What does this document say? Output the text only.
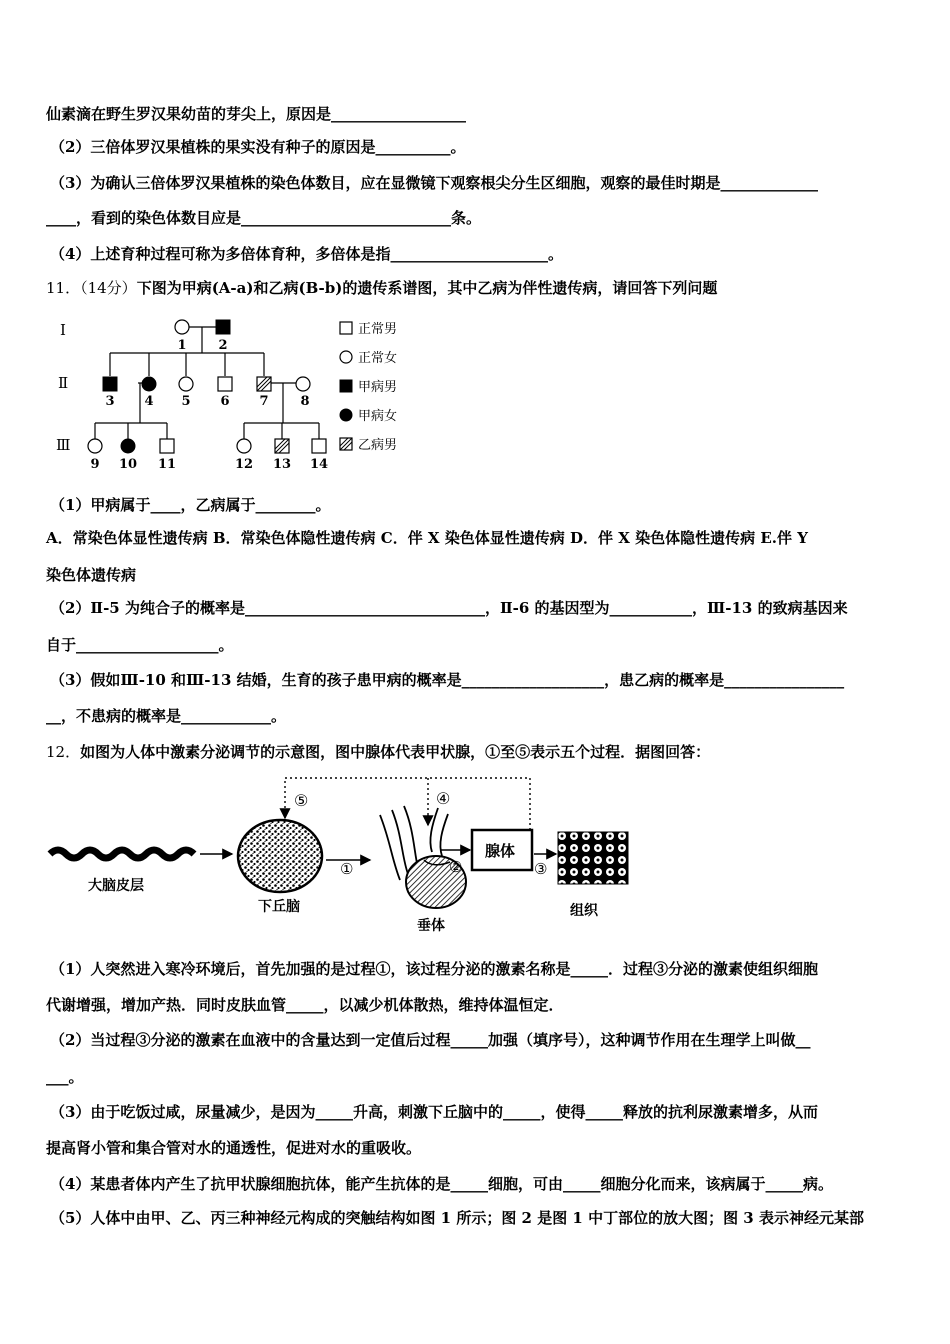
仙素滴在野生罗汉果幼苗的芽尖上，原因是__________________
（2）三倍体罗汉果植株的果实没有种子的原因是__________。
（3）为确认三倍体罗汉果植株的染色体数目，应在显微镜下观察根尖分生区细胞，观察的最佳时期是_____________
____，看到的染色体数目应是____________________________条。
（4）上述育种过程可称为多倍体育种，多倍体是指_____________________。
11．（14分）下图为甲病(A-a)和乙病(B-b)的遗传系谱图，其中乙病为伴性遗传病，请回答下列问题
Ⅰ
Ⅱ
Ⅲ
1 2
3 4 5 6 7 8
9 10 11	12 13 14
正常男
正常女
甲病男
甲病女
乙病男
（1）甲病属于____，乙病属于________。
A．常染色体显性遗传病 B．常染色体隐性遗传病 C．伴 X 染色体显性遗传病 D．伴 X 染色体隐性遗传病 E.伴 Y
染色体遗传病
（2）Ⅱ-5 为纯合子的概率是________________________________，Ⅱ-6 的基因型为___________，Ⅲ-13 的致病基因来
自于___________________。
（3）假如Ⅲ-10 和Ⅲ-13 结婚，生育的孩子患甲病的概率是___________________，患乙病的概率是________________
__，不患病的概率是____________。
12．如图为人体中激素分泌调节的示意图，图中腺体代表甲状腺，①至⑤表示五个过程．据图回答：
⑤	④
大脑皮层
下丘脑
①
垂体
②
腺体
③
组织
（1）人突然进入寒冷环境后，首先加强的是过程①，该过程分泌的激素名称是_____．过程③分泌的激素使组织细胞
代谢增强，增加产热．同时皮肤血管_____，以减少机体散热，维持体温恒定．
（2）当过程③分泌的激素在血液中的含量达到一定值后过程_____加强（填序号），这种调节作用在生理学上叫做__
___。
（3）由于吃饭过咸，尿量减少，是因为_____升高，刺激下丘脑中的_____，使得_____释放的抗利尿激素增多，从而
提高肾小管和集合管对水的通透性，促进对水的重吸收。
（4）某患者体内产生了抗甲状腺细胞抗体，能产生抗体的是_____细胞，可由_____细胞分化而来，该病属于_____病。
（5）人体中由甲、乙、丙三种神经元构成的突触结构如图 1 所示；图 2 是图 1 中丁部位的放大图；图 3 表示神经元某部
